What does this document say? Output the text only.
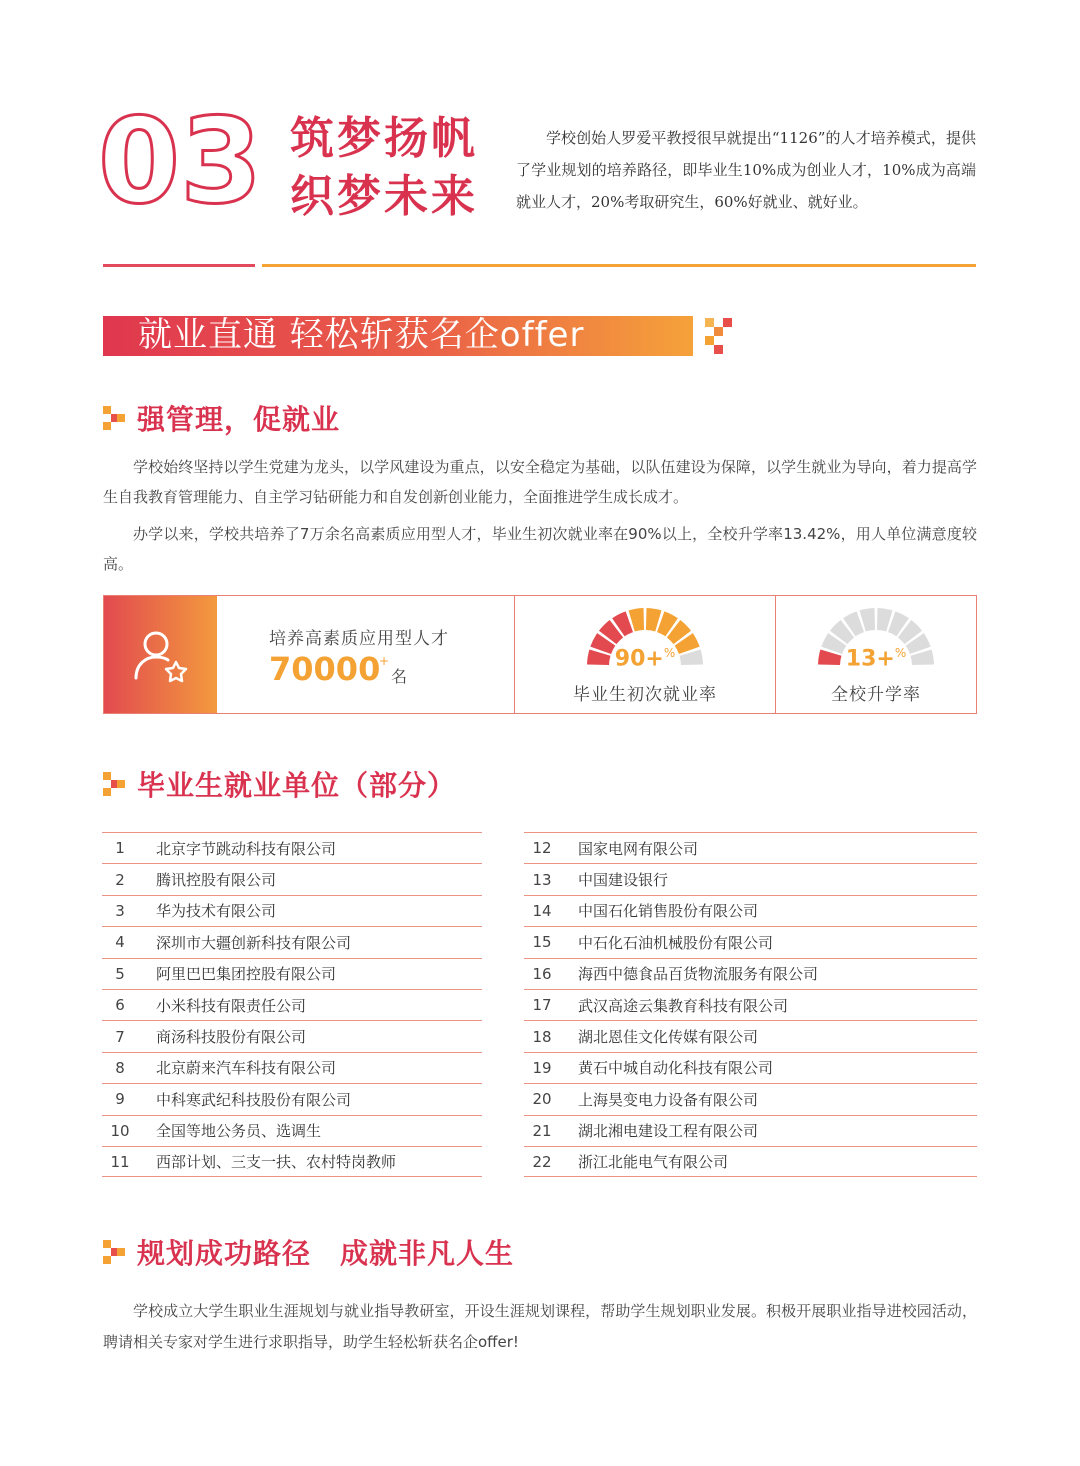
03 筑梦扬帆
织梦未来
学校创始人罗爱平教授很早就提出“1126”的人才培养模式，提供了学业规划的培养路径，即毕业生10%成为创业人才，10%成为高端就业人才，20%考取研究生，60%好就业、就好业。
就业直通 轻松斩获名企offer
强管理，促就业
学校始终坚持以学生党建为龙头，以学风建设为重点，以安全稳定为基础，以队伍建设为保障，以学生就业为导向，着力提高学生自我教育管理能力、自主学习钻研能力和自发创新创业能力，全面推进学生成长成才。
办学以来，学校共培养了7万余名高素质应用型人才，毕业生初次就业率在90%以上，全校升学率13.42%，用人单位满意度较高。
培养高素质应用型人才
70000
+
名
90+%
毕业生初次就业率
13+%
全校升学率
毕业生就业单位（部分）
1	北京字节跳动科技有限公司
2	腾讯控股有限公司
3	华为技术有限公司
4	深圳市大疆创新科技有限公司
5	阿里巴巴集团控股有限公司
6	小米科技有限责任公司
7	商汤科技股份有限公司
8	北京蔚来汽车科技有限公司
9	中科寒武纪科技股份有限公司
10	全国等地公务员、选调生
11	西部计划、三支一扶、农村特岗教师
12	国家电网有限公司
13	中国建设银行
14	中国石化销售股份有限公司
15	中石化石油机械股份有限公司
16	海西中德食品百货物流服务有限公司
17	武汉高途云集教育科技有限公司
18	湖北恩佳文化传媒有限公司
19	黄石中城自动化科技有限公司
20	上海昊变电力设备有限公司
21	湖北湘电建设工程有限公司
22	浙江北能电气有限公司
规划成功路径　成就非凡人生
学校成立大学生职业生涯规划与就业指导教研室，开设生涯规划课程，帮助学生规划职业发展。积极开展职业指导进校园活动，聘请相关专家对学生进行求职指导，助学生轻松斩获名企offer!
